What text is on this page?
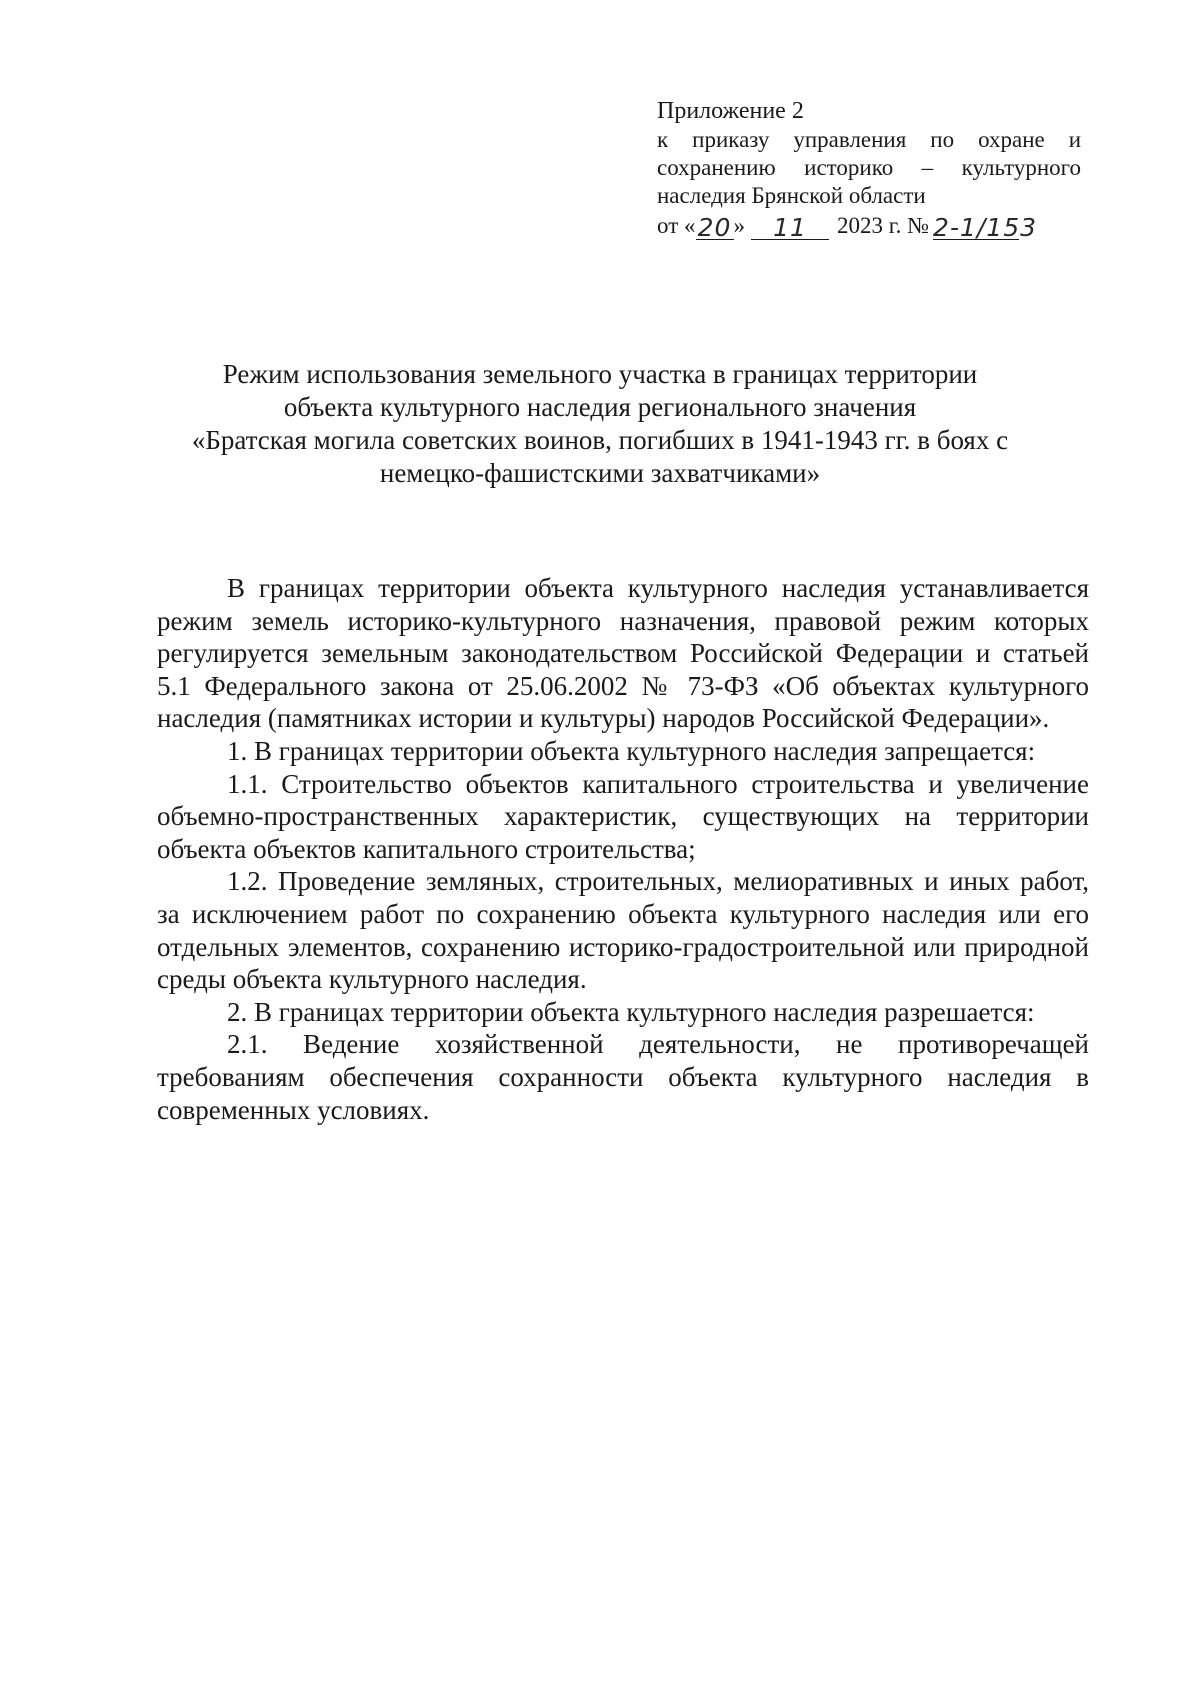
Приложение 2
к приказу управления по охране и
сохранению историко – культурного
наследия Брянской области
от « 20 »	11	2023 г. № 2-1/153
Режим использования земельного участка в границах территории
объекта культурного наследия регионального значения
«Братская могила советских воинов, погибших в 1941-1943 гг. в боях с
немецко-фашистскими захватчиками»

В границах территории объекта культурного наследия устанавливается режим земель историко-культурного назначения, правовой режим которых регулируется земельным законодательством Российской Федерации и статьей 5.1 Федерального закона от 25.06.2002 № 73-ФЗ «Об объектах культурного наследия (памятниках истории и культуры) народов Российской Федерации».

1. В границах территории объекта культурного наследия запрещается:

1.1. Строительство объектов капитального строительства и увеличение объемно-пространственных характеристик, существующих на территории объекта объектов капитального строительства;

1.2. Проведение земляных, строительных, мелиоративных и иных работ, за исключением работ по сохранению объекта культурного наследия или его отдельных элементов, сохранению историко-градостроительной или природной среды объекта культурного наследия.

2. В границах территории объекта культурного наследия разрешается:

2.1. Ведение хозяйственной деятельности, не противоречащей требованиям обеспечения сохранности объекта культурного наследия в современных условиях.
